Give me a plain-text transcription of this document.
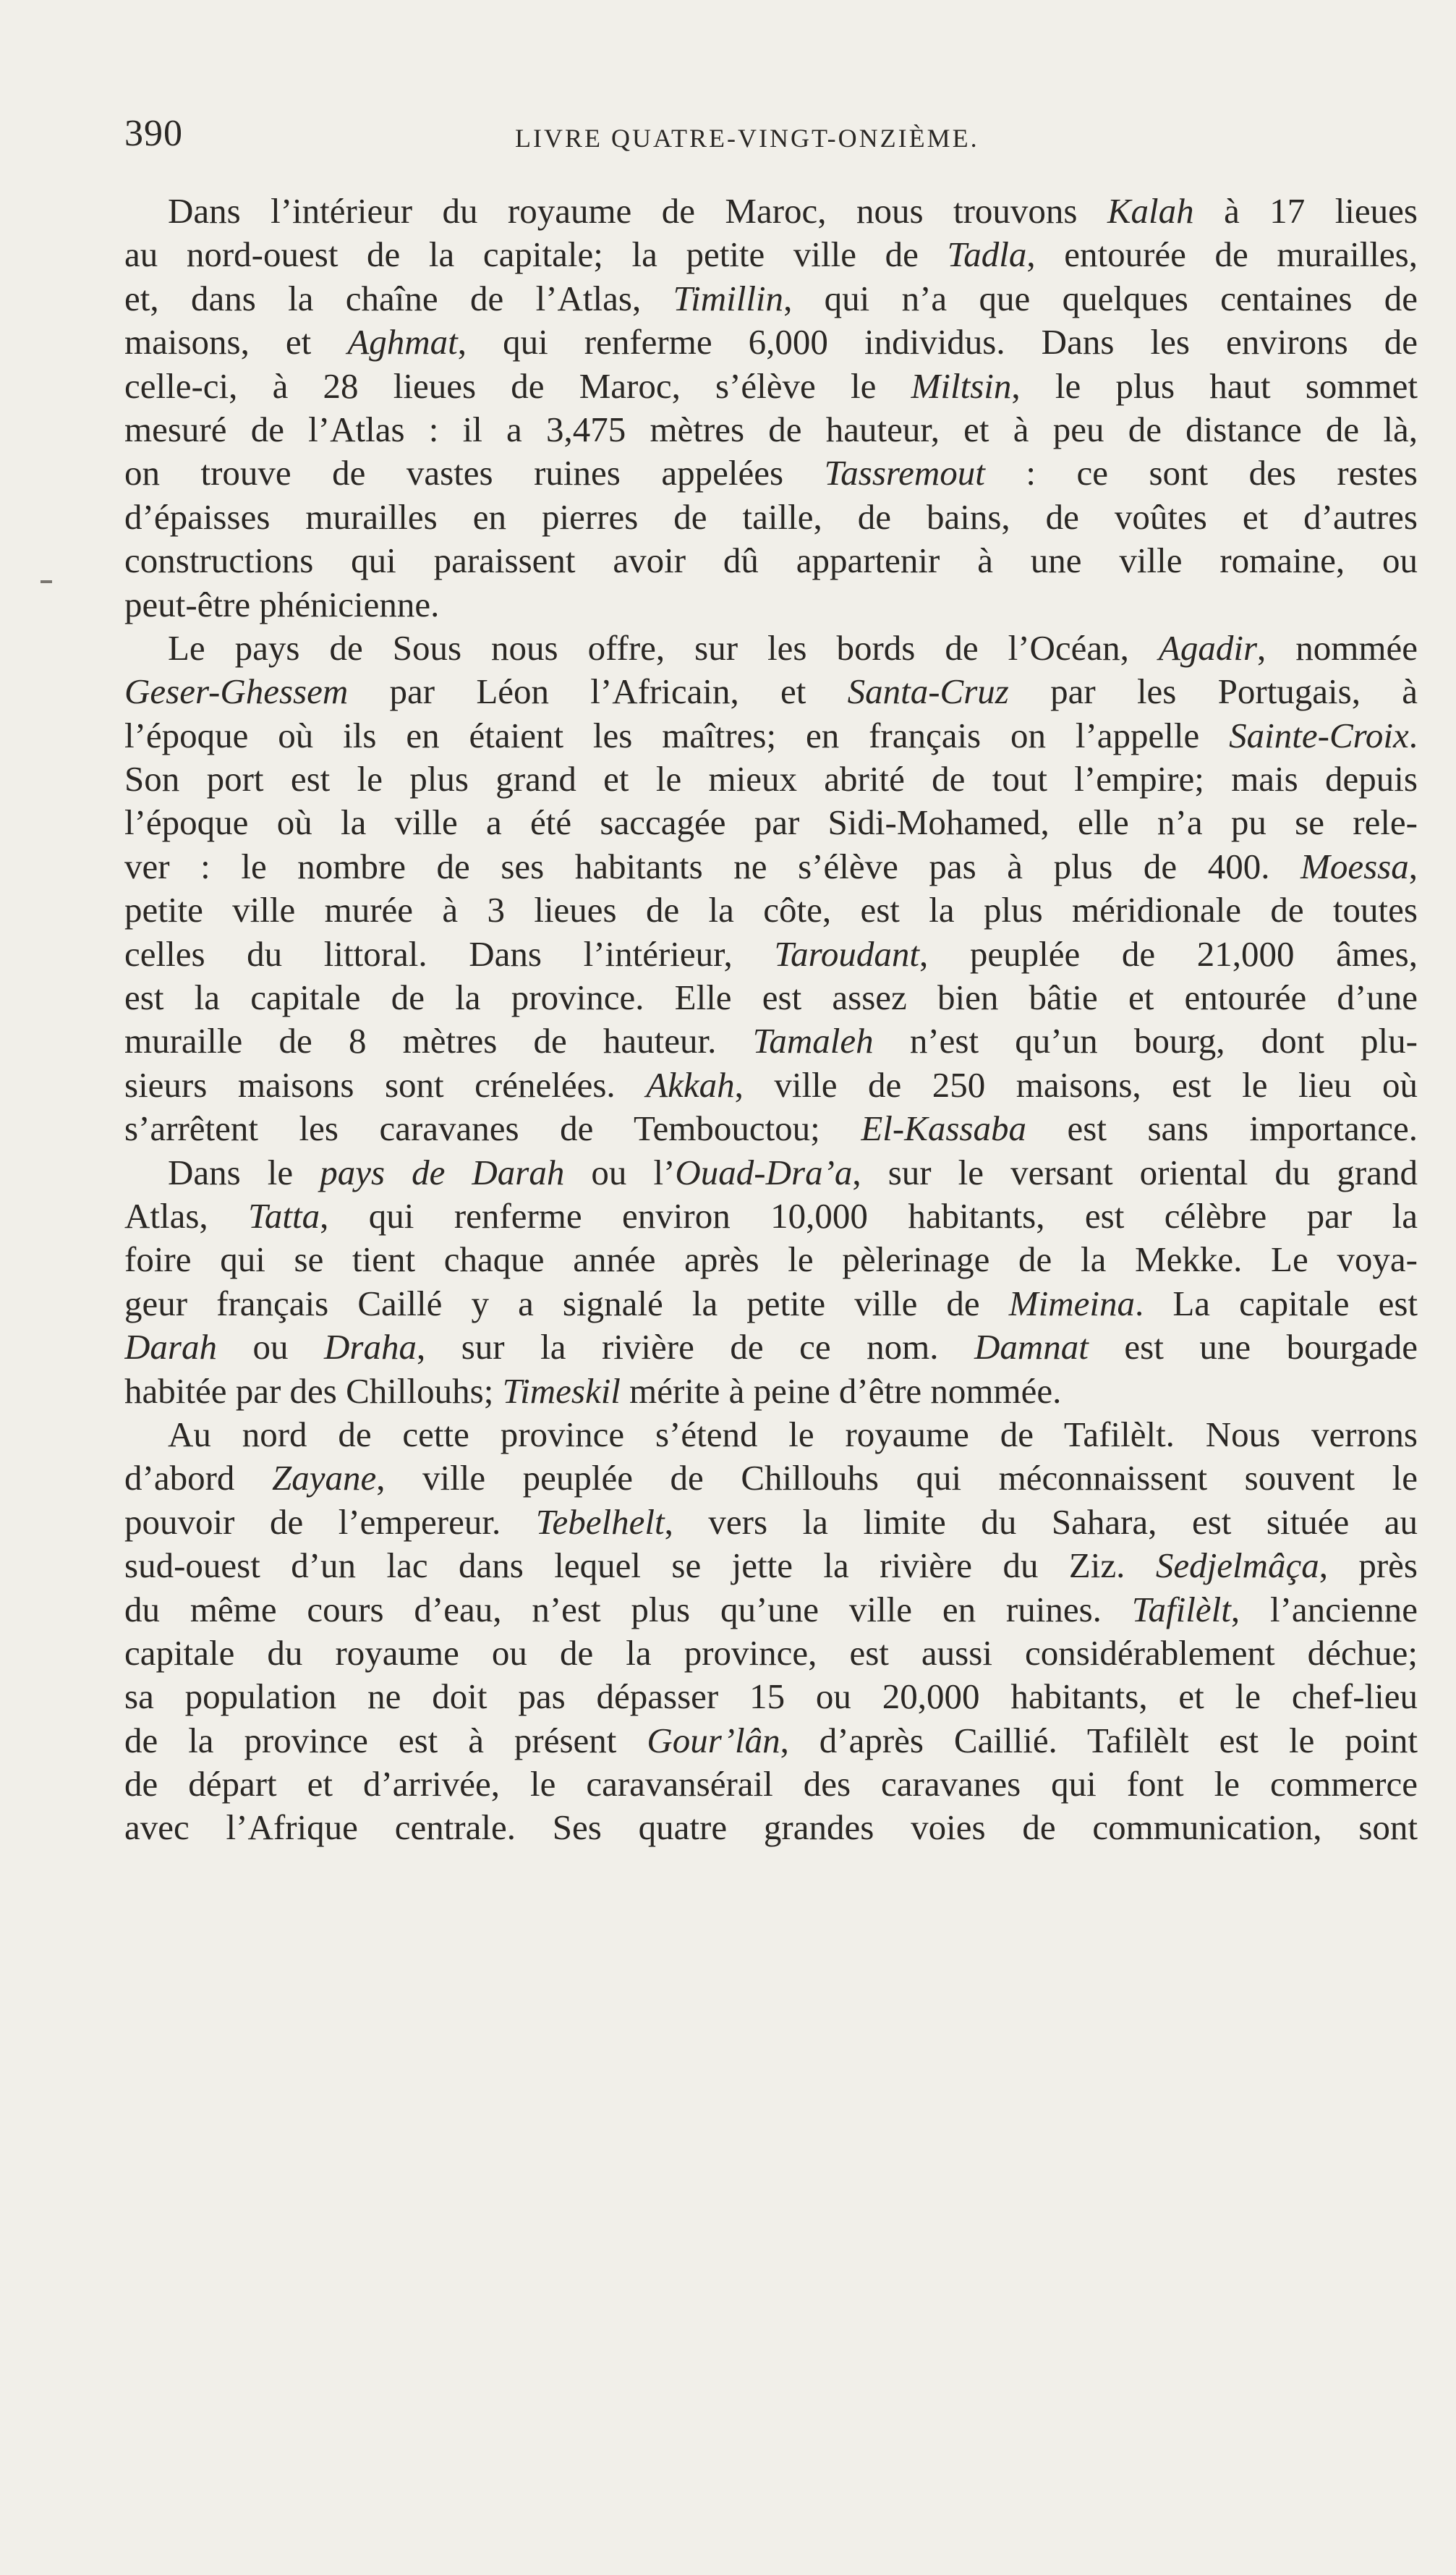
390	LIVRE QUATRE-VINGT-ONZIÈME.
Dans l’intérieur du royaume de Maroc, nous trouvons Kalah à 17 lieues
au nord-ouest de la capitale; la petite ville de Tadla, entourée de murailles,
et, dans la chaîne de l’Atlas, Timillin, qui n’a que quelques centaines de
maisons, et Aghmat, qui renferme 6,000 individus. Dans les environs de
celle-ci, à 28 lieues de Maroc, s’élève le Miltsin, le plus haut sommet
mesuré de l’Atlas : il a 3,475 mètres de hauteur, et à peu de distance de là,
on trouve de vastes ruines appelées Tassremout : ce sont des restes
d’épaisses murailles en pierres de taille, de bains, de voûtes et d’autres
constructions qui paraissent avoir dû appartenir à une ville romaine, ou
peut-être phénicienne.
Le pays de Sous nous offre, sur les bords de l’Océan, Agadir, nommée
Geser-Ghessem par Léon l’Africain, et Santa-Cruz par les Portugais, à
l’époque où ils en étaient les maîtres; en français on l’appelle Sainte-Croix.
Son port est le plus grand et le mieux abrité de tout l’empire; mais depuis
l’époque où la ville a été saccagée par Sidi-Mohamed, elle n’a pu se rele-
ver : le nombre de ses habitants ne s’élève pas à plus de 400. Moessa,
petite ville murée à 3 lieues de la côte, est la plus méridionale de toutes
celles du littoral. Dans l’intérieur, Taroudant, peuplée de 21,000 âmes,
est la capitale de la province. Elle est assez bien bâtie et entourée d’une
muraille de 8 mètres de hauteur. Tamaleh n’est qu’un bourg, dont plu-
sieurs maisons sont crénelées. Akkah, ville de 250 maisons, est le lieu où
s’arrêtent les caravanes de Tembouctou; El-Kassaba est sans importance.
Dans le pays de Darah ou l’Ouad-Dra’a, sur le versant oriental du grand
Atlas, Tatta, qui renferme environ 10,000 habitants, est célèbre par la
foire qui se tient chaque année après le pèlerinage de la Mekke. Le voya-
geur français Caillé y a signalé la petite ville de Mimeina. La capitale est
Darah ou Draha, sur la rivière de ce nom. Damnat est une bourgade
habitée par des Chillouhs; Timeskil mérite à peine d’être nommée.
Au nord de cette province s’étend le royaume de Tafilèlt. Nous verrons
d’abord Zayane, ville peuplée de Chillouhs qui méconnaissent souvent le
pouvoir de l’empereur. Tebelhelt, vers la limite du Sahara, est située au
sud-ouest d’un lac dans lequel se jette la rivière du Ziz. Sedjelmâça, près
du même cours d’eau, n’est plus qu’une ville en ruines. Tafilèlt, l’ancienne
capitale du royaume ou de la province, est aussi considérablement déchue;
sa population ne doit pas dépasser 15 ou 20,000 habitants, et le chef-lieu
de la province est à présent Gour’lân, d’après Caillié. Tafilèlt est le point
de départ et d’arrivée, le caravansérail des caravanes qui font le commerce
avec l’Afrique centrale. Ses quatre grandes voies de communication, sont
